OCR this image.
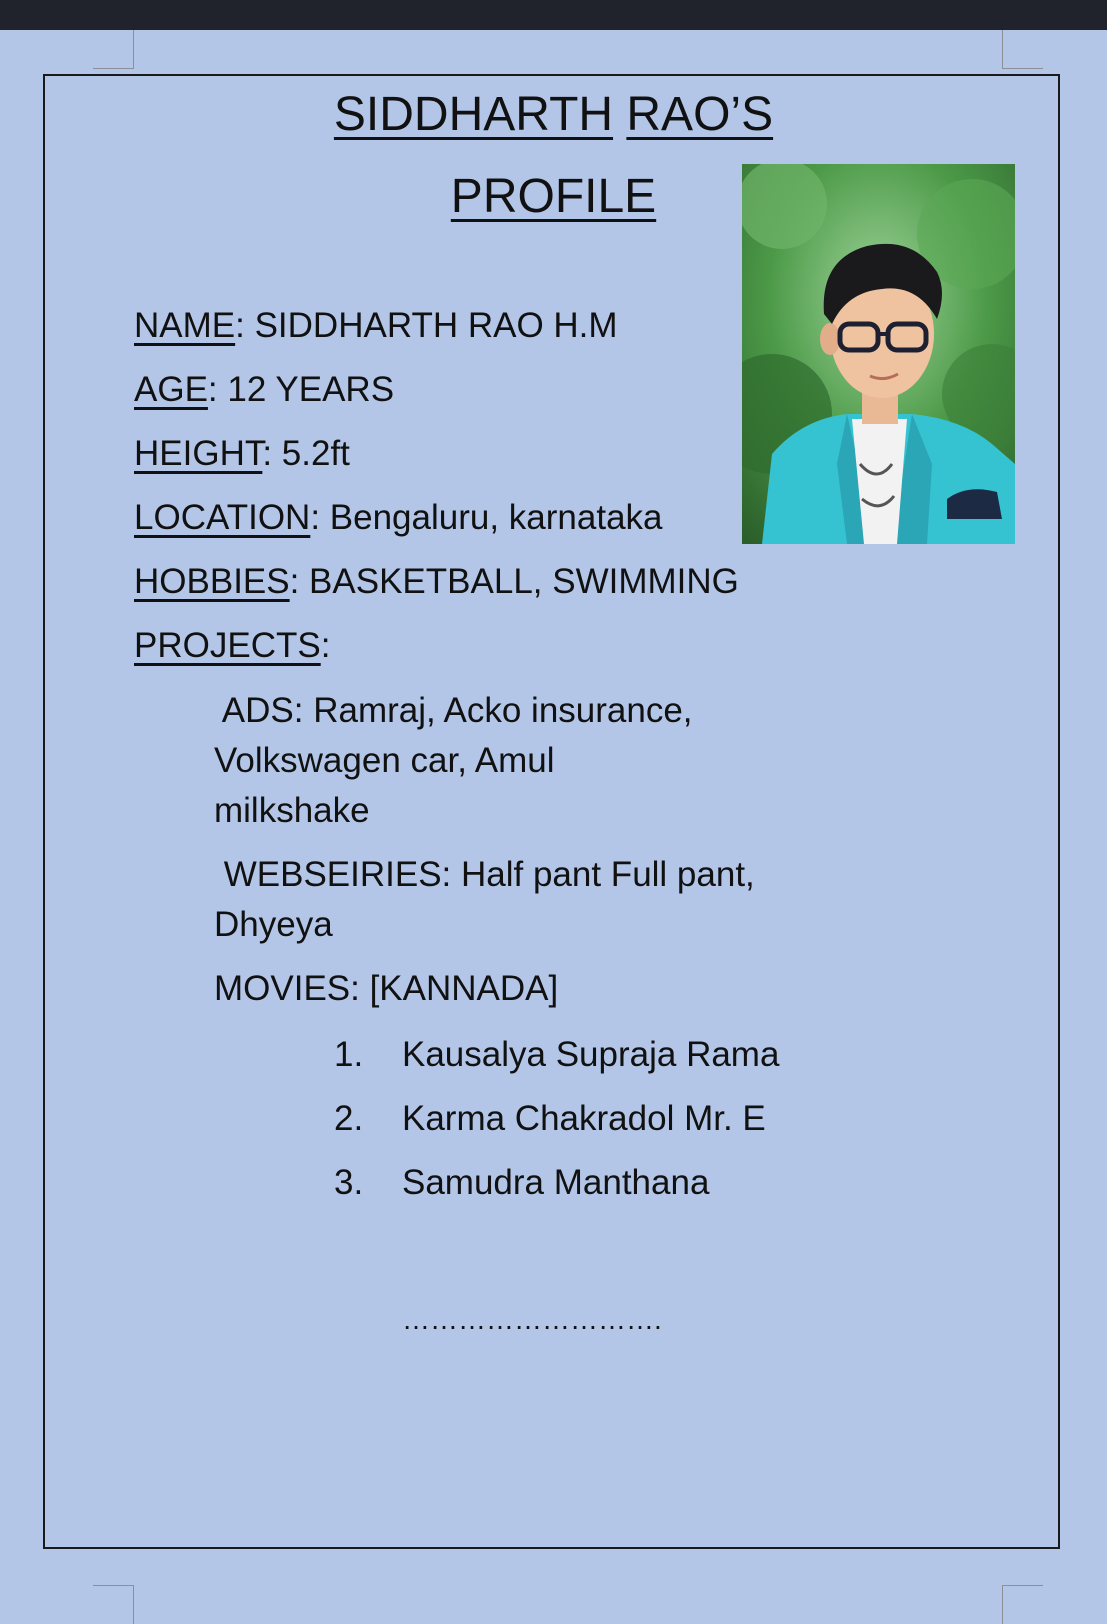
SIDDHARTH RAO’S
PROFILE
NAME: SIDDHARTH RAO H.M
AGE: 12 YEARS
HEIGHT: 5.2ft
LOCATION: Bengaluru, karnataka
HOBBIES: BASKETBALL, SWIMMING
PROJECTS:
ADS: Ramraj, Acko insurance,
Volkswagen car, Amul
milkshake
WEBSEIRIES: Half pant Full pant,
Dhyeya
MOVIES: [KANNADA]
1. Kausalya Supraja Rama
2. Karma Chakradol Mr. E
3. Samudra Manthana
……………………….
